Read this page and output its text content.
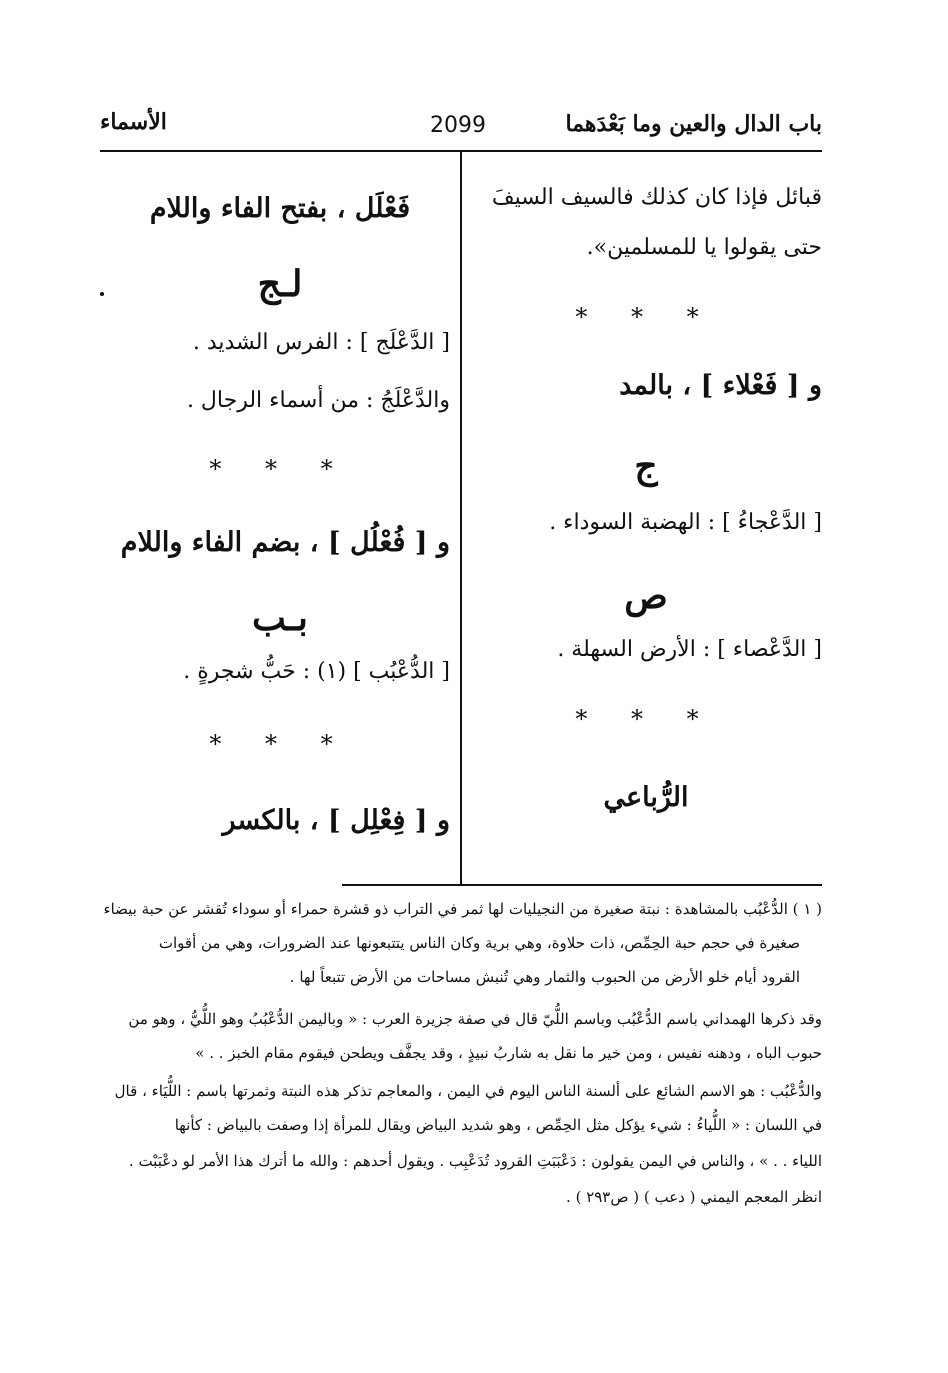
باب الدال والعين وما بَعْدَهما
2099
الأسماء
قبائل فإذا كان كذلك فالسيف السيفَ
حتى يقولوا يا للمسلمين».
* * *
و [ فَعْلاء ] ، بالمد
ج
[ الدَّعْجاءُ ] : الهضبة السوداء .
ص
[ الدَّعْصاء ] : الأرض السهلة .
* * *
الرُّباعي
فَعْلَل ، بفتح الفاء واللام
لـج
[ الدَّعْلَج ] : الفرس الشديد .
والدَّعْلَجُ : من أسماء الرجال .
* * *
و [ فُعْلُل ] ، بضم الفاء واللام
بـب
[ الدُّعْبُب ] (١) : حَبُّ شجرةٍ .
* * *
و [ فِعْلِل ] ، بالكسر
( ١ ) الدُّعْبُب بالمشاهدة : نبتة صغيرة من النجيليات لها ثمر في التراب ذو قشرة حمراء أو سوداء تُقشر عن حبة بيضاء
صغيرة في حجم حبة الحِمِّص، ذات حلاوة، وهي برية وكان الناس يتتبعونها عند الضرورات، وهي من أقوات
القرود أيام خلو الأرض من الحبوب والثمار وهي تُنبش مساحات من الأرض تتبعاً لها .
وقد ذكرها الهمداني باسم الدُّعْبُب وباسم اللُّيّ قال في صفة جزيرة العرب : « وباليمن الدُّعْبُبُ وهو اللُّيُّ ، وهو من
حبوب الباه ، ودهنه نفيس ، ومن خير ما نقل به شاربُ نبيذٍ ، وقد يجفَّف ويطحن فيقوم مقام الخبز . . »
والدُّعْبُب : هو الاسم الشائع على ألسنة الناس اليوم في اليمن ، والمعاجم تذكر هذه النبتة وثمرتها باسم : اللُّيَاء ، قال
في اللسان : « اللُّياءُ : شيء يؤكل مثل الحِمِّص ، وهو شديد البياض ويقال للمرأة إذا وصفت بالبياض : كأنها
اللياء . . » ، والناس في اليمن يقولون : دَعْبَبَتِ القرود تُدَعْبِب . ويقول أحدهم : والله ما أترك هذا الأمر لو دعْبَبْت .
انظر المعجم اليمني ( دعب ) ( ص٢٩٣ ) .
